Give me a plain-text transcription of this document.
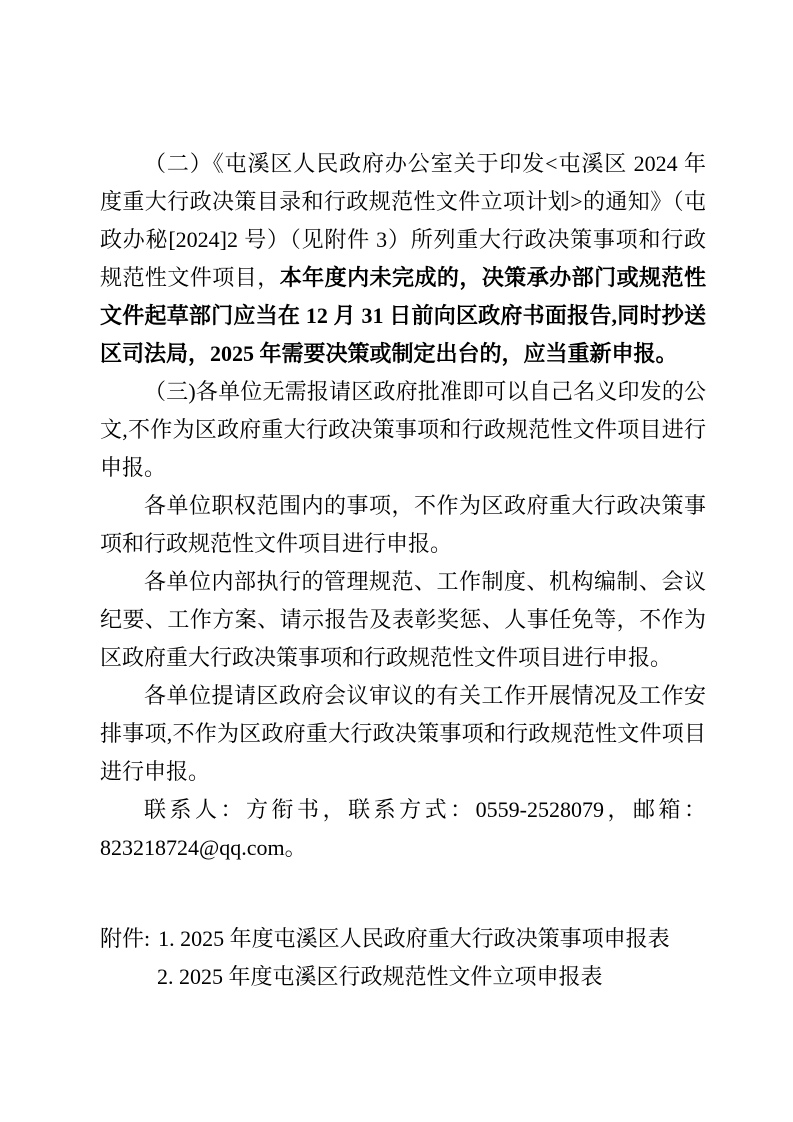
（二）《屯溪区人民政府办公室关于印发<屯溪区 2024 年度重大行政决策目录和行政规范性文件立项计划>的通知》（屯政办秘[2024]2 号）（见附件 3）所列重大行政决策事项和行政规范性文件项目，本年度内未完成的，决策承办部门或规范性文件起草部门应当在 12 月 31 日前向区政府书面报告,同时抄送区司法局，2025 年需要决策或制定出台的，应当重新申报。

（三)各单位无需报请区政府批准即可以自己名义印发的公文,不作为区政府重大行政决策事项和行政规范性文件项目进行申报。

各单位职权范围内的事项，不作为区政府重大行政决策事项和行政规范性文件项目进行申报。

各单位内部执行的管理规范、工作制度、机构编制、会议纪要、工作方案、请示报告及表彰奖惩、人事任免等，不作为区政府重大行政决策事项和行政规范性文件项目进行申报。

各单位提请区政府会议审议的有关工作开展情况及工作安排事项,不作为区政府重大行政决策事项和行政规范性文件项目进行申报。

联系人：方衔书，联系方式：0559-2528079，邮箱：823218724@qq.com。

附件: 1. 2025 年度屯溪区人民政府重大行政决策事项申报表
2. 2025 年度屯溪区行政规范性文件立项申报表
